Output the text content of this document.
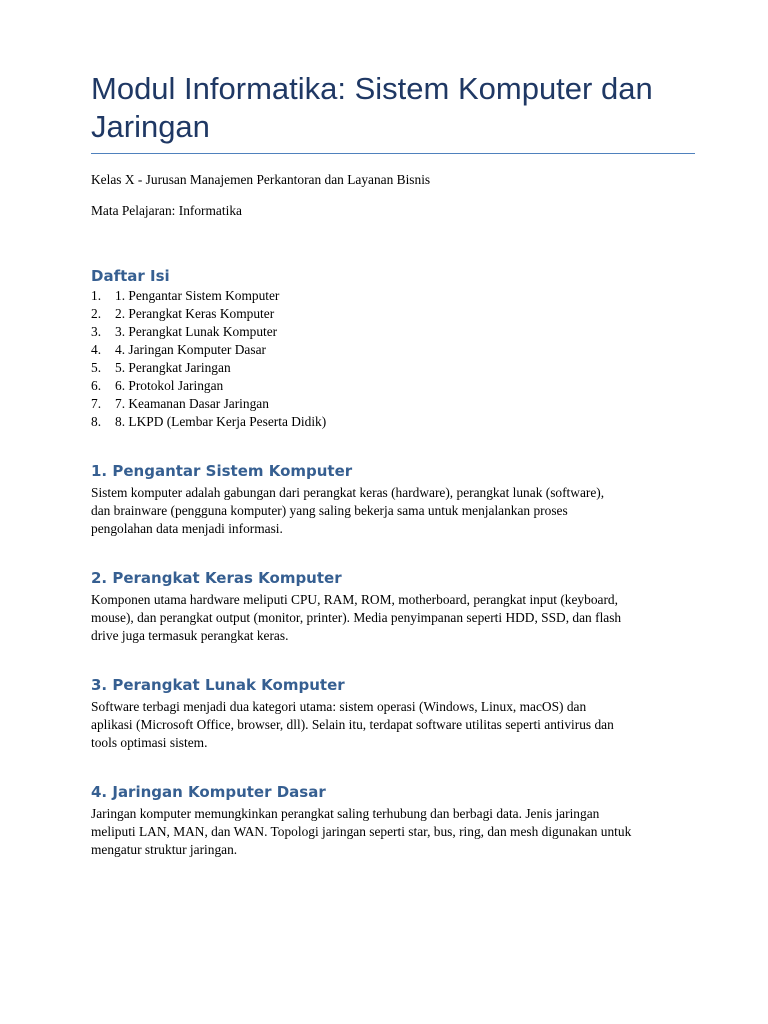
Modul Informatika: Sistem Komputer dan Jaringan

Kelas X - Jurusan Manajemen Perkantoran dan Layanan Bisnis

Mata Pelajaran: Informatika

Daftar Isi
1.	1. Pengantar Sistem Komputer
2.	2. Perangkat Keras Komputer
3.	3. Perangkat Lunak Komputer
4.	4. Jaringan Komputer Dasar
5.	5. Perangkat Jaringan
6.	6. Protokol Jaringan
7.	7. Keamanan Dasar Jaringan
8.	8. LKPD (Lembar Kerja Peserta Didik)
1. Pengantar Sistem Komputer

Sistem komputer adalah gabungan dari perangkat keras (hardware), perangkat lunak (software),

dan brainware (pengguna komputer) yang saling bekerja sama untuk menjalankan proses

pengolahan data menjadi informasi.

2. Perangkat Keras Komputer

Komponen utama hardware meliputi CPU, RAM, ROM, motherboard, perangkat input (keyboard,

mouse), dan perangkat output (monitor, printer). Media penyimpanan seperti HDD, SSD, dan flash

drive juga termasuk perangkat keras.

3. Perangkat Lunak Komputer

Software terbagi menjadi dua kategori utama: sistem operasi (Windows, Linux, macOS) dan

aplikasi (Microsoft Office, browser, dll). Selain itu, terdapat software utilitas seperti antivirus dan

tools optimasi sistem.

4. Jaringan Komputer Dasar

Jaringan komputer memungkinkan perangkat saling terhubung dan berbagi data. Jenis jaringan

meliputi LAN, MAN, dan WAN. Topologi jaringan seperti star, bus, ring, dan mesh digunakan untuk

mengatur struktur jaringan.
